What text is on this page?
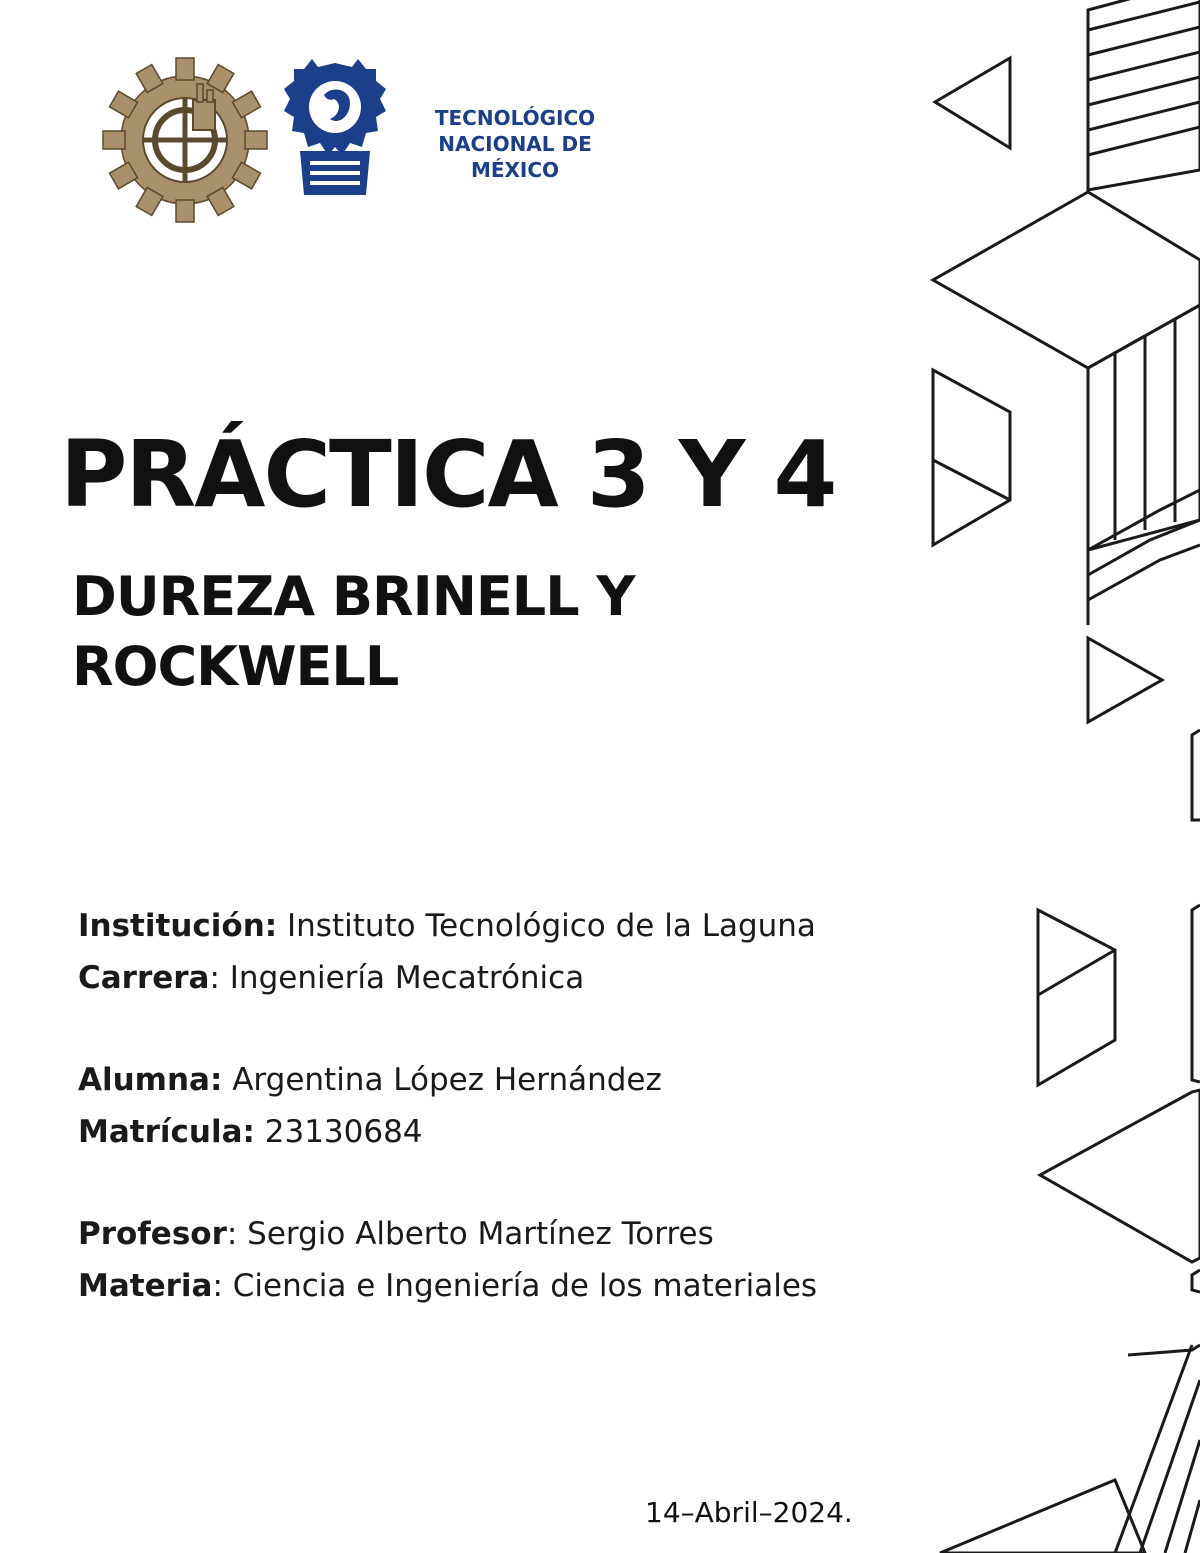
TECNOLÓGICO
NACIONAL DE MÉXICO
PRÁCTICA 3 Y 4
DUREZA BRINELL Y
ROCKWELL
Institución: Instituto Tecnológico de la Laguna
Carrera: Ingeniería Mecatrónica
Alumna: Argentina López Hernández
Matrícula: 23130684
Profesor: Sergio Alberto Martínez Torres
Materia: Ciencia e Ingeniería de los materiales
14–Abril–2024.
